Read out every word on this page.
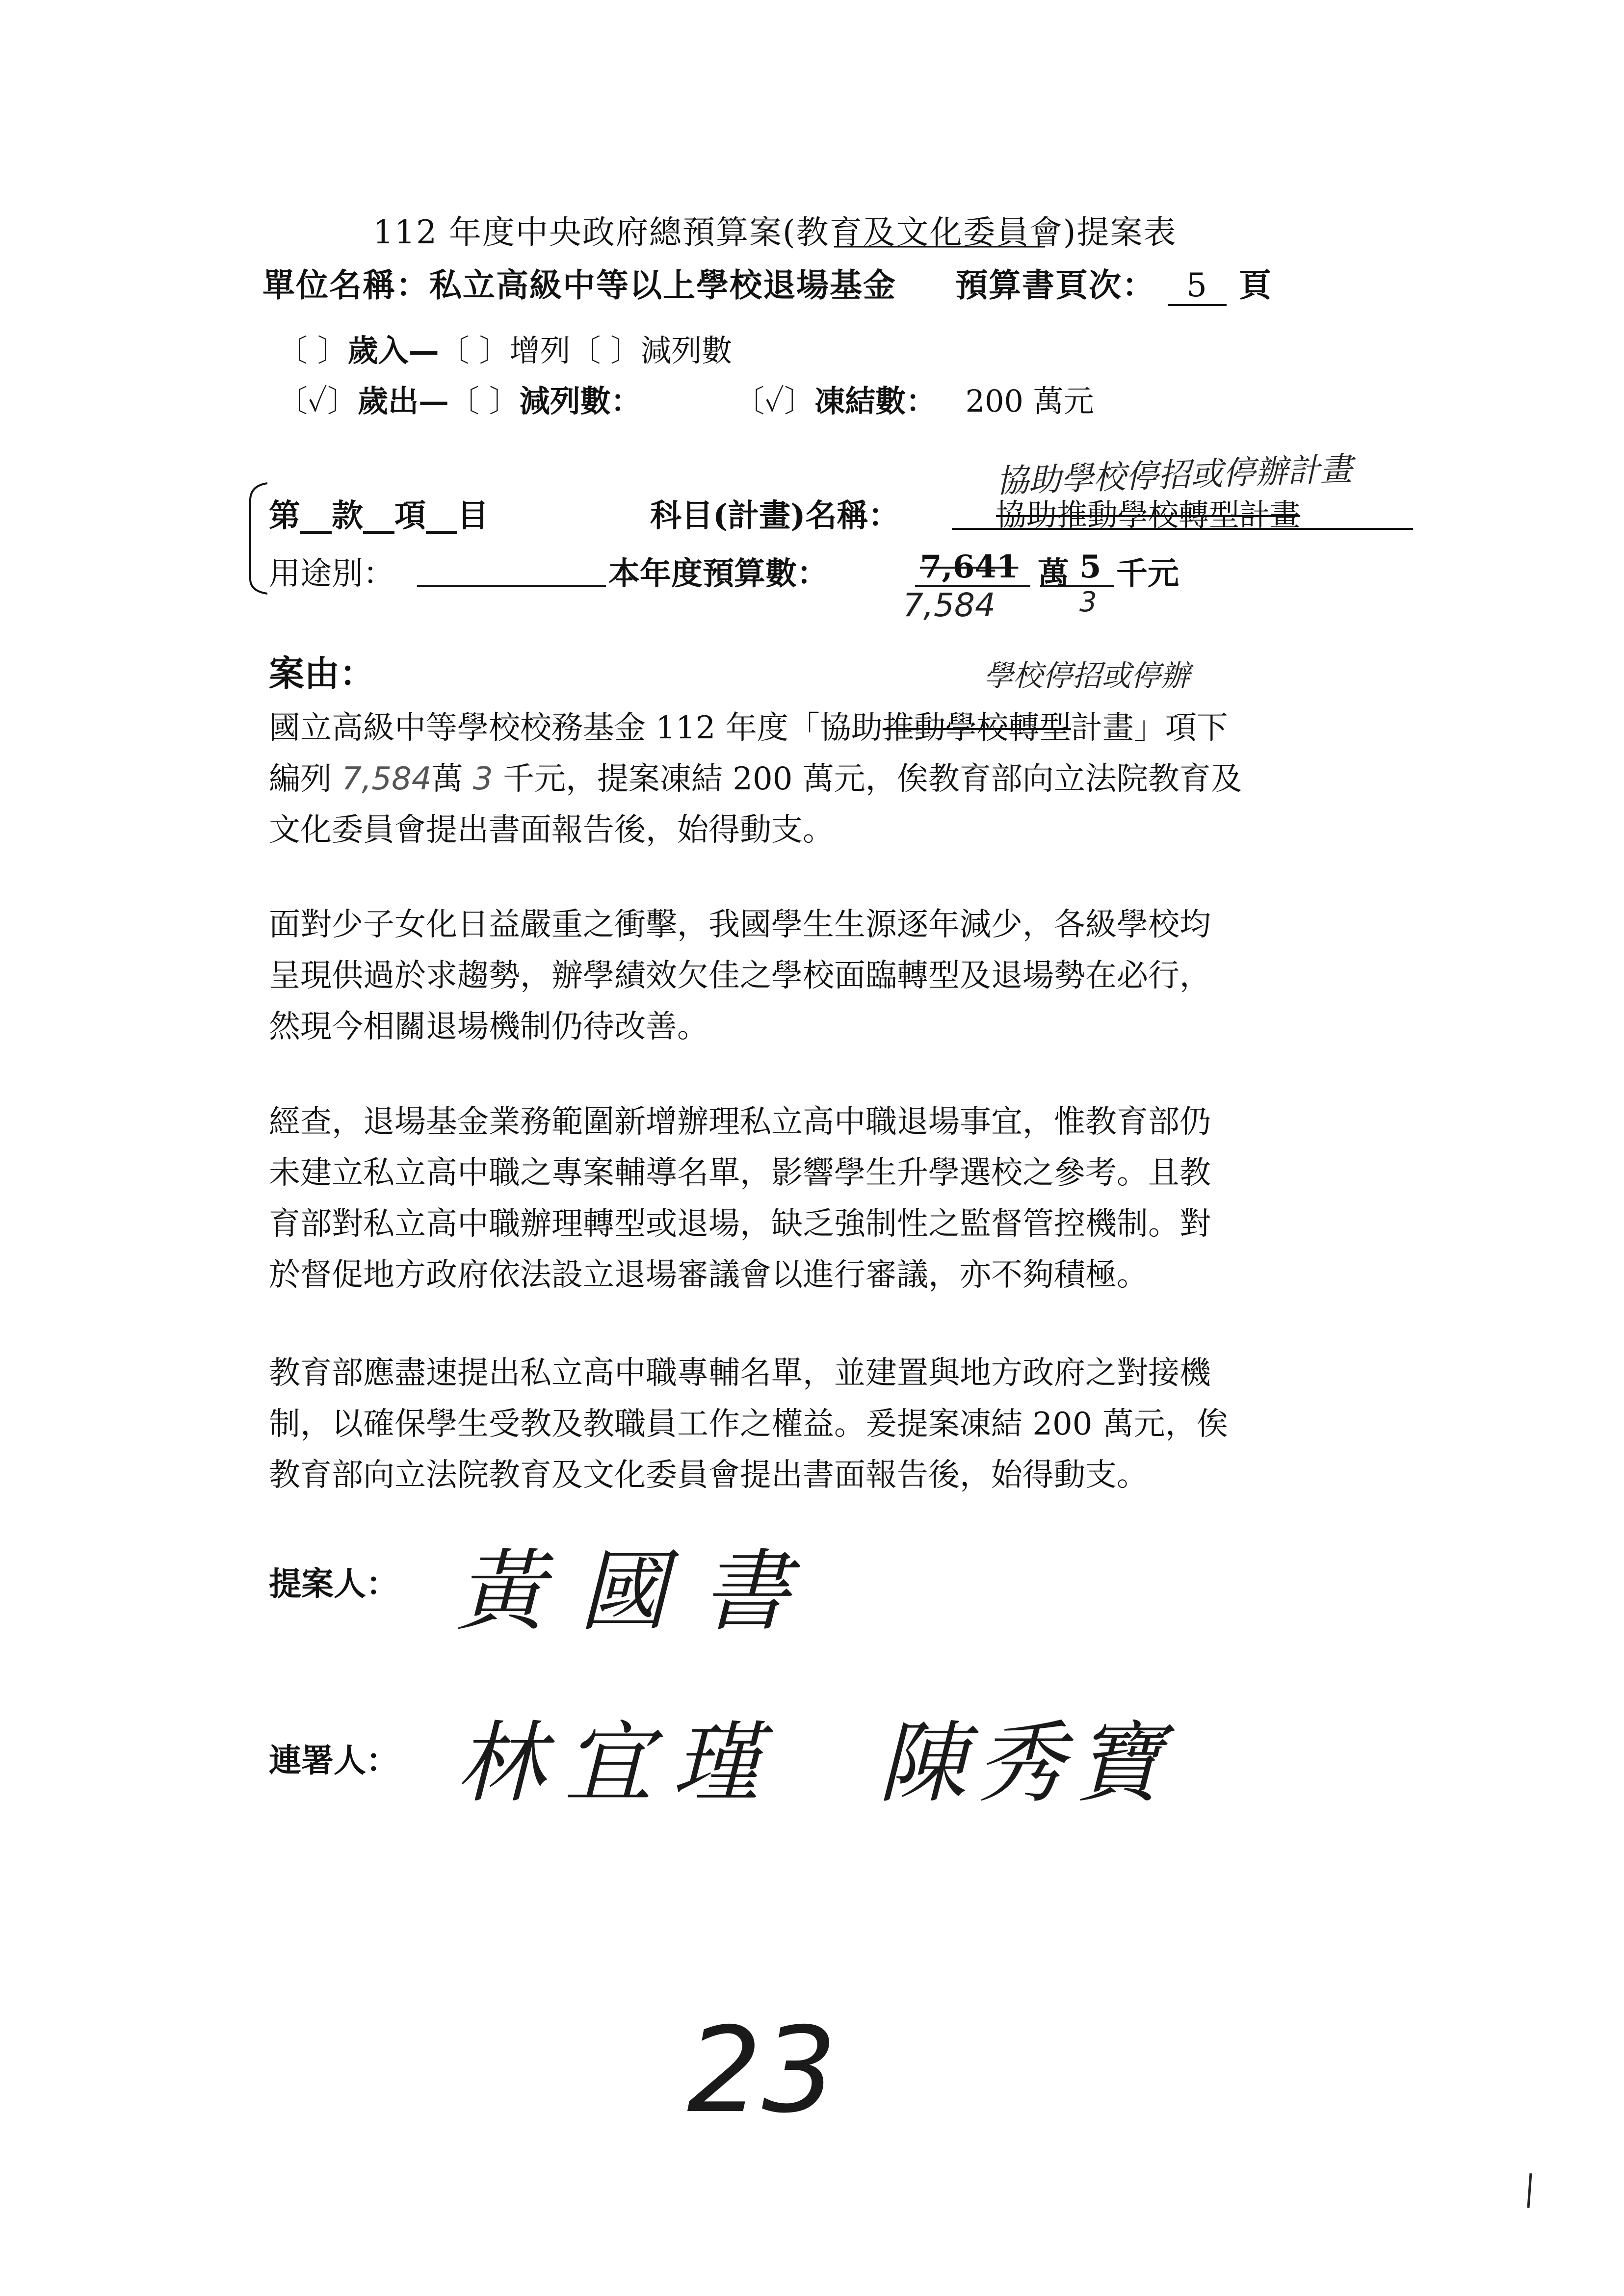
112 年度中央政府總預算案(教育及文化委員會)提案表
單位名稱：私立高級中等以上學校退場基金 預算書頁次： 5 頁
〔 〕歲入—〔 〕增列〔 〕減列數
〔✓〕歲出—〔 〕減列數：	〔✓〕凍結數： 200 萬元
第__款__項__目	科目(計畫)名稱：	協助推動學校轉型計畫
協助學校停招或停辦計畫
用途別：	本年度預算數：	7,641 萬 5 千元
7,584	3
案由：	學校停招或停辦
國立高級中等學校校務基金 112 年度「協助推動學校轉型計畫」項下
編列 7,584萬 3 千元，提案凍結 200 萬元，俟教育部向立法院教育及
文化委員會提出書面報告後，始得動支。
面對少子女化日益嚴重之衝擊，我國學生生源逐年減少，各級學校均
呈現供過於求趨勢，辦學績效欠佳之學校面臨轉型及退場勢在必行，
然現今相關退場機制仍待改善。
經查，退場基金業務範圍新增辦理私立高中職退場事宜，惟教育部仍
未建立私立高中職之專案輔導名單，影響學生升學選校之參考。且教
育部對私立高中職辦理轉型或退場，缺乏強制性之監督管控機制。對
於督促地方政府依法設立退場審議會以進行審議，亦不夠積極。
教育部應盡速提出私立高中職專輔名單，並建置與地方政府之對接機
制，以確保學生受教及教職員工作之權益。爰提案凍結 200 萬元，俟
教育部向立法院教育及文化委員會提出書面報告後，始得動支。
提案人： 黃國書
連署人： 林宜瑾 陳秀寶
23
